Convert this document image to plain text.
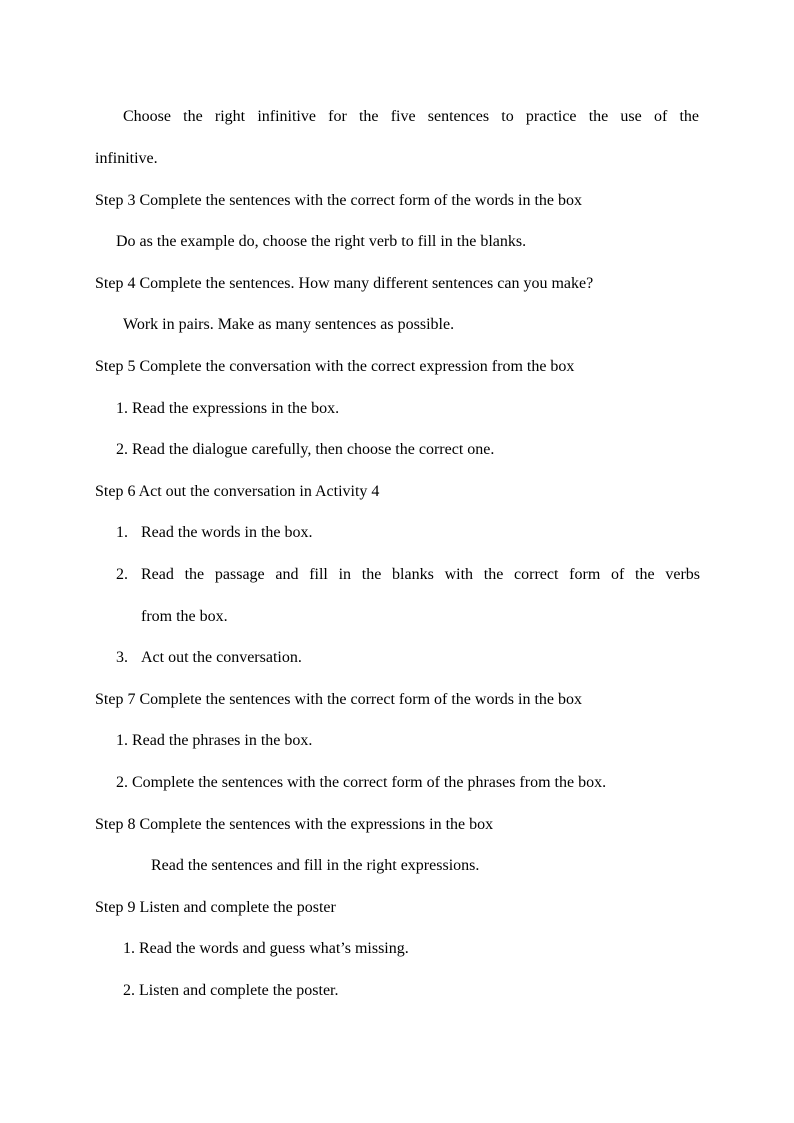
Choose the right infinitive for the five sentences to practice the use of the
infinitive.
Step 3 Complete the sentences with the correct form of the words in the box
Do as the example do, choose the right verb to fill in the blanks.
Step 4 Complete the sentences. How many different sentences can you make?
Work in pairs. Make as many sentences as possible.
Step 5 Complete the conversation with the correct expression from the box
1. Read the expressions in the box.
2. Read the dialogue carefully, then choose the correct one.
Step 6 Act out the conversation in Activity 4
1. Read the words in the box.
2. Read the passage and fill in the blanks with the correct form of the verbs
from the box.
3. Act out the conversation.
Step 7 Complete the sentences with the correct form of the words in the box
1. Read the phrases in the box.
2. Complete the sentences with the correct form of the phrases from the box.
Step 8 Complete the sentences with the expressions in the box
Read the sentences and fill in the right expressions.
Step 9 Listen and complete the poster
1. Read the words and guess what’s missing.
2. Listen and complete the poster.
